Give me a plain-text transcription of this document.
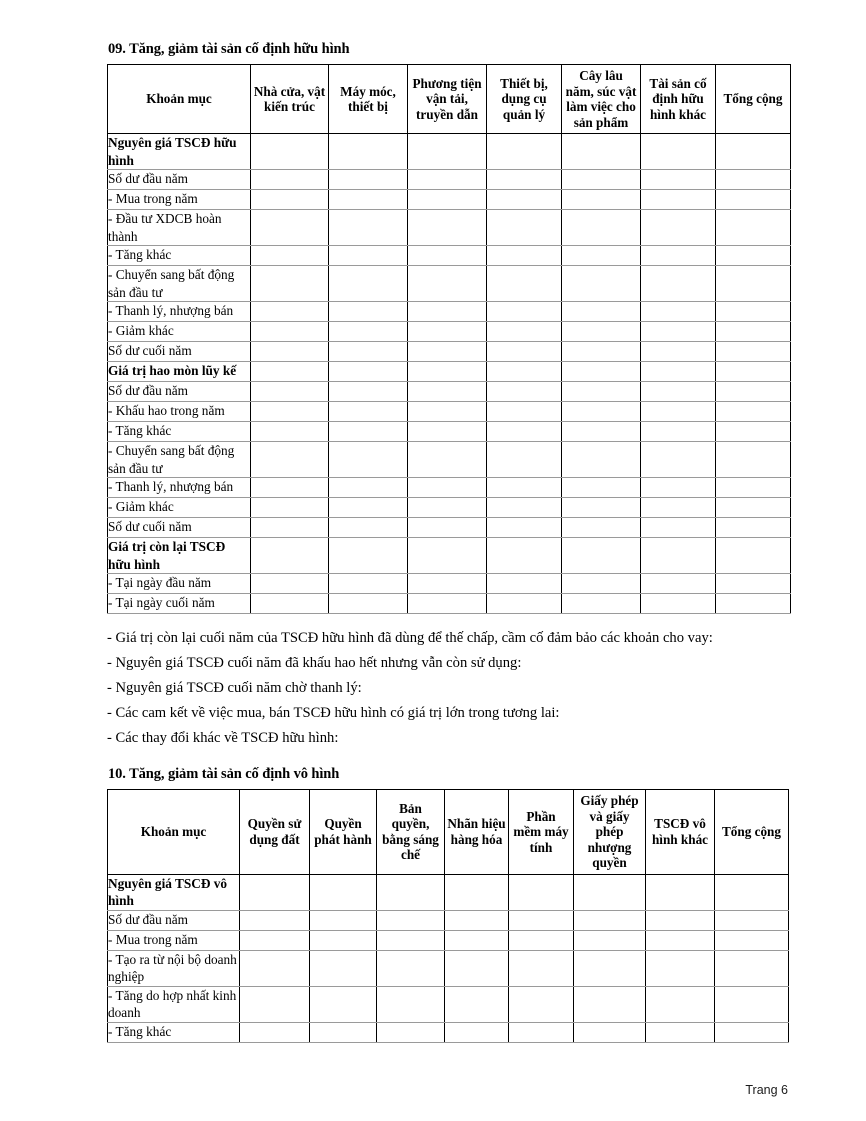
09. Tăng, giảm tài sản cố định hữu hình
Khoản mục	Nhà cửa, vật kiến trúc	Máy móc, thiết bị	Phương tiện vận tải, truyền dẫn	Thiết bị, dụng cụ quản lý	Cây lâu năm, súc vật làm việc cho sản phẩm	Tài sản cố định hữu hình khác	Tổng cộng
Nguyên giá TSCĐ hữu hình							
Số dư đầu năm							
- Mua trong năm							
- Đầu tư XDCB hoàn thành							
- Tăng khác							
- Chuyển sang bất động sản đầu tư							
- Thanh lý, nhượng bán							
- Giảm khác							
Số dư cuối năm							
Giá trị hao mòn lũy kế							
Số dư đầu năm							
- Khấu hao trong năm							
- Tăng khác							
- Chuyển sang bất động sản đầu tư							
- Thanh lý, nhượng bán							
- Giảm khác							
Số dư cuối năm							
Giá trị còn lại TSCĐ hữu hình							
- Tại ngày đầu năm							
- Tại ngày cuối năm							
- Giá trị còn lại cuối năm của TSCĐ hữu hình đã dùng để thế chấp, cầm cố đảm bảo các khoản cho vay:
- Nguyên giá TSCĐ cuối năm đã khấu hao hết nhưng vẫn còn sử dụng:
- Nguyên giá TSCĐ cuối năm chờ thanh lý:
- Các cam kết về việc mua, bán TSCĐ hữu hình có giá trị lớn trong tương lai:
- Các thay đổi khác về TSCĐ hữu hình:
10. Tăng, giảm tài sản cố định vô hình
Khoản mục	Quyền sử dụng đất	Quyền phát hành	Bản quyền, bằng sáng chế	Nhãn hiệu hàng hóa	Phần mềm máy tính	Giấy phép và giấy phép nhượng quyền	TSCĐ vô hình khác	Tổng cộng
Nguyên giá TSCĐ vô hình								
Số dư đầu năm								
- Mua trong năm								
- Tạo ra từ nội bộ doanh nghiệp								
- Tăng do hợp nhất kinh doanh								
- Tăng khác								
Trang 6
